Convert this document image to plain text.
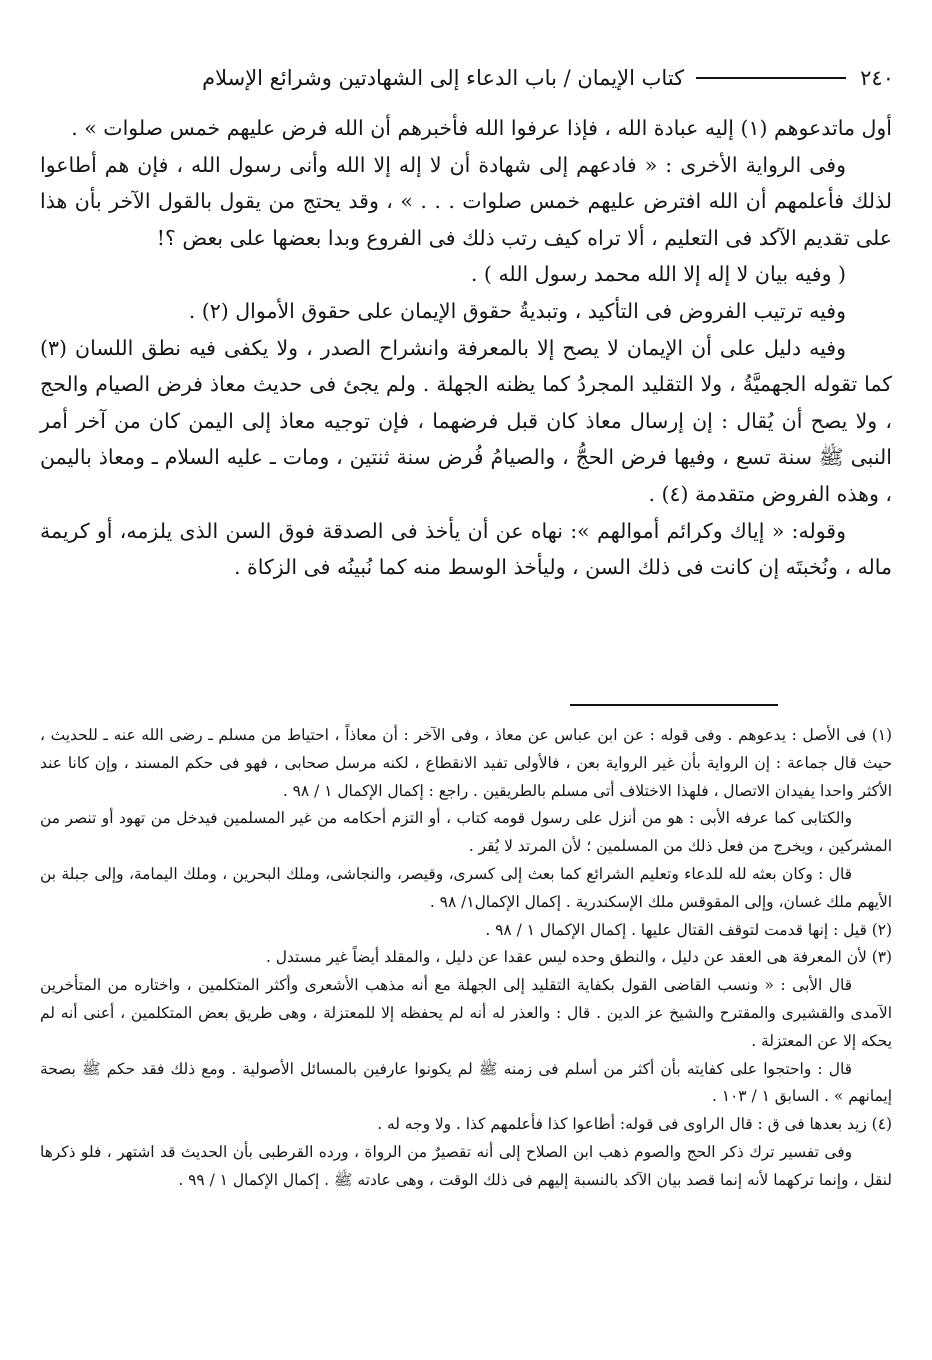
٢٤٠
كتاب الإيمان / باب الدعاء إلى الشهادتين وشرائع الإسلام

أول ماتدعوهم (١) إليه عبادة الله ، فإذا عرفوا الله فأخبرهم أن الله فرض عليهم خمس صلوات » .

وفى الرواية الأخرى : « فادعهم إلى شهادة أن لا إله إلا الله وأنى رسول الله ، فإن هم أطاعوا لذلك فأعلمهم أن الله افترض عليهم خمس صلوات . . . » ، وقد يحتج من يقول بالقول الآخر بأن هذا على تقديم الآكد فى التعليم ، ألا تراه كيف رتب ذلك فى الفروع وبدا بعضها على بعض ؟!

( وفيه بيان لا إله إلا الله محمد رسول الله ) .

وفيه ترتيب الفروض فى التأكيد ، وتبديةُ حقوق الإيمان على حقوق الأموال (٢) .

وفيه دليل على أن الإيمان لا يصح إلا بالمعرفة وانشراح الصدر ، ولا يكفى فيه نطق اللسان (٣) كما تقوله الجهميَّةُ ، ولا التقليد المجردُ كما يظنه الجهلة . ولم يجئ فى حديث معاذ فرض الصيام والحج ، ولا يصح أن يُقال : إن إرسال معاذ كان قبل فرضهما ، فإن توجيه معاذ إلى اليمن كان من آخر أمر النبى ﷺ سنة تسع ، وفيها فرض الحجُّ ، والصيامُ فُرض سنة ثنتين ، ومات ـ عليه السلام ـ ومعاذ باليمن ، وهذه الفروض متقدمة (٤) .

وقوله: « إياك وكرائم أموالهم »: نهاه عن أن يأخذ فى الصدقة فوق السن الذى يلزمه، أو كريمة ماله ، ونُخبتَه إن كانت فى ذلك السن ، وليأخذ الوسط منه كما نُبينُه فى الزكاة .

(١) فى الأصل : يدعوهم . وفى قوله : عن ابن عباس عن معاذ ، وفى الآخر : أن معاذاً ، احتياط من مسلم ـ رضى الله عنه ـ للحديث ، حيث قال جماعة : إن الرواية بأن غير الرواية بعن ، فالأولى تفيد الانقطاع ، لكنه مرسل صحابى ، فهو فى حكم المسند ، وإن كانا عند الأكثر واحدا يفيدان الاتصال ، فلهذا الاختلاف أتى مسلم بالطريقين . راجع : إكمال الإكمال ١ / ٩٨ .

والكتابى كما عرفه الأبى : هو من أنزل على رسول قومه كتاب ، أو التزم أحكامه من غير المسلمين فيدخل من تهود أو تنصر من المشركين ، ويخرج من فعل ذلك من المسلمين ؛ لأن المرتد لا يُقر .

قال : وكان بعثه لله للدعاء وتعليم الشرائع كما بعث إلى كسرى، وقيصر، والنجاشى، وملك البحرين ، وملك اليمامة، وإلى جبلة بن الأيهم ملك غسان، وإلى المقوقس ملك الإسكندرية . إكمال الإكمال١/ ٩٨ .

(٢) قيل : إنها قدمت لتوقف القتال عليها . إكمال الإكمال ١ / ٩٨ .

(٣) لأن المعرفة هى العقد عن دليل ، والنطق وحده ليس عقدا عن دليل ، والمقلد أيضاً غير مستدل .

قال الأبى : « ونسب القاضى القول بكفاية التقليد إلى الجهلة مع أنه مذهب الأشعرى وأكثر المتكلمين ، واختاره من المتأخرين الآمدى والقشيرى والمقترح والشيخ عز الدين . قال : والعذر له أنه لم يحفظه إلا للمعتزلة ، وهى طريق بعض المتكلمين ، أعنى أنه لم يحكه إلا عن المعتزلة .

قال : واحتجوا على كفايته بأن أكثر من أسلم فى زمنه ﷺ لم يكونوا عارفين بالمسائل الأصولية . ومع ذلك فقد حكم ﷺ بصحة إيمانهم » . السابق ١ / ١٠٣ .

(٤) زيد بعدها فى ق : قال الراوى فى قوله: أطاعوا كذا فأعلمهم كذا . ولا وجه له .

وفى تفسير ترك ذكر الحج والصوم ذهب ابن الصلاح إلى أنه تقصيرٌ من الرواة ، ورده القرطبى بأن الحديث قد اشتهر ، فلو ذكرها لنقل ، وإنما تركهما لأنه إنما قصد بيان الآكد بالنسبة إليهم فى ذلك الوقت ، وهى عادته ﷺ . إكمال الإكمال ١ / ٩٩ .
